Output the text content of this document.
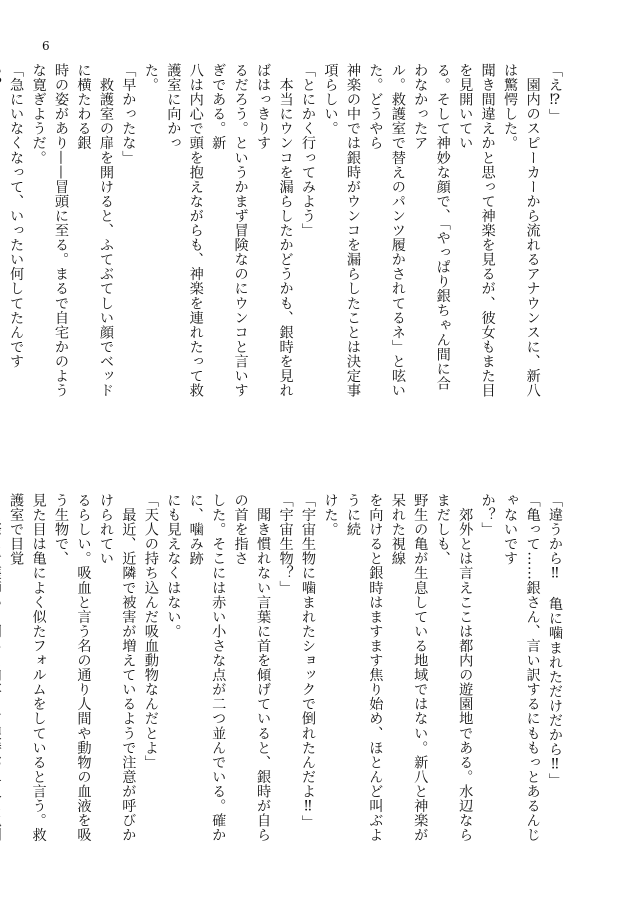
6

「え⁉」

　園内のスピーカーから流れるアナウンスに、新八は驚愕した。

聞き間違えかと思って神楽を見るが、彼女もまた目を見開いてい

る。そして神妙な顔で、「やっぱり銀ちゃん間に合わなかったア

ル。救護室で替えのパンツ履かされてるネ」と呟いた。どうやら

神楽の中では銀時がウンコを漏らしたことは決定事項らしい。

「とにかく行ってみよう」

　本当にウンコを漏らしたかどうかも、銀時を見ればはっきりす

るだろう。というかまず冒険なのにウンコと言いすぎである。新

八は内心で頭を抱えながらも、神楽を連れたって救護室に向かっ

た。

「早かったな」

　救護室の扉を開けると、ふてぶてしい顔でベッドに横たわる銀

時の姿があり——冒頭に至る。まるで自宅かのような寛ぎようだ。

「急にいなくなって、いったい何してたんです

「違うから‼　亀に噛まれただけだから‼」

「亀って……銀さん、言い訳するにももっとあるんじゃないです

か？」

　郊外とは言えここは都内の遊園地である。水辺ならまだしも、

野生の亀が生息している地域ではない。新八と神楽が呆れた視線

を向けると銀時はますます焦り始め、ほとんど叫ぶように続

けた。

「宇宙生物に噛まれたショックで倒れたんだよ‼」

「宇宙生物？」

　聞き慣れない言葉に首を傾げていると、銀時が自らの首を指さ

した。そこには赤い小さな点が二つ並んでいる。確かに、噛み跡

にも見えなくはない。

「天人の持ち込んだ吸血動物なんだとよ」

　最近、近隣で被害が増えているようで注意が呼びかけられてい

るらしい。吸血と言う名の通り人間や動物の血液を吸う生物で、

見た目は亀によく似たフォルムをしていると言う。救護室で目覚
